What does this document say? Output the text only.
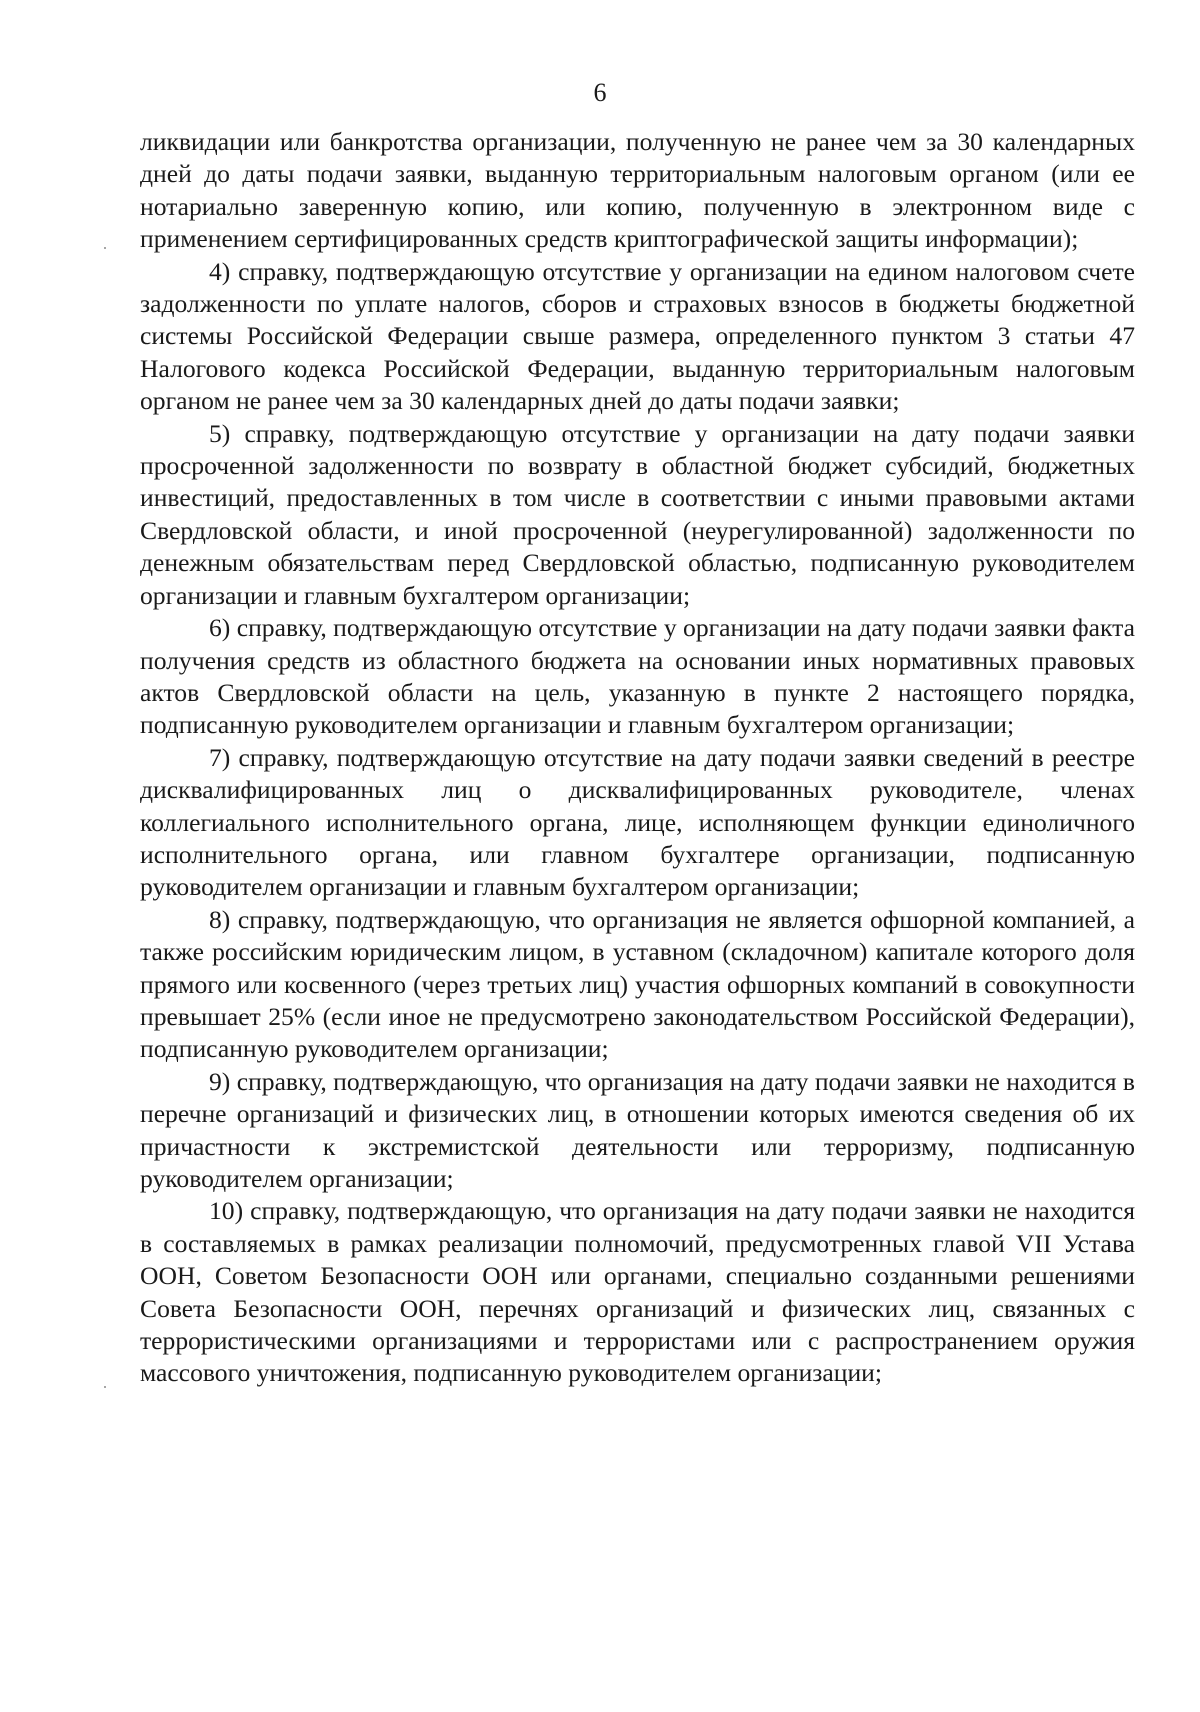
6

ликвидации или банкротства организации, полученную не ранее чем за 30 календарных дней до даты подачи заявки, выданную территориальным налоговым органом (или ее нотариально заверенную копию, или копию, полученную в электронном виде с применением сертифицированных средств криптографической защиты информации);

4) справку, подтверждающую отсутствие у организации на едином налоговом счете задолженности по уплате налогов, сборов и страховых взносов в бюджеты бюджетной системы Российской Федерации свыше размера, определенного пунктом 3 статьи 47 Налогового кодекса Российской Федерации, выданную территориальным налоговым органом не ранее чем за 30 календарных дней до даты подачи заявки;

5) справку, подтверждающую отсутствие у организации на дату подачи заявки просроченной задолженности по возврату в областной бюджет субсидий, бюджетных инвестиций, предоставленных в том числе в соответствии с иными правовыми актами Свердловской области, и иной просроченной (неурегулированной) задолженности по денежным обязательствам перед Свердловской областью, подписанную руководителем организации и главным бухгалтером организации;

6) справку, подтверждающую отсутствие у организации на дату подачи заявки факта получения средств из областного бюджета на основании иных нормативных правовых актов Свердловской области на цель, указанную в пункте 2 настоящего порядка, подписанную руководителем организации и главным бухгалтером организации;

7) справку, подтверждающую отсутствие на дату подачи заявки сведений в реестре дисквалифицированных лиц о дисквалифицированных руководителе, членах коллегиального исполнительного органа, лице, исполняющем функции единоличного исполнительного органа, или главном бухгалтере организации, подписанную руководителем организации и главным бухгалтером организации;

8) справку, подтверждающую, что организация не является офшорной компанией, а также российским юридическим лицом, в уставном (складочном) капитале которого доля прямого или косвенного (через третьих лиц) участия офшорных компаний в совокупности превышает 25% (если иное не предусмотрено законодательством Российской Федерации), подписанную руководителем организации;

9) справку, подтверждающую, что организация на дату подачи заявки не находится в перечне организаций и физических лиц, в отношении которых имеются сведения об их причастности к экстремистской деятельности или терроризму, подписанную руководителем организации;

10) справку, подтверждающую, что организация на дату подачи заявки не находится в составляемых в рамках реализации полномочий, предусмотренных главой VII Устава ООН, Советом Безопасности ООН или органами, специально созданными решениями Совета Безопасности ООН, перечнях организаций и физических лиц, связанных с террористическими организациями и террористами или с распространением оружия массового уничтожения, подписанную руководителем организации;
